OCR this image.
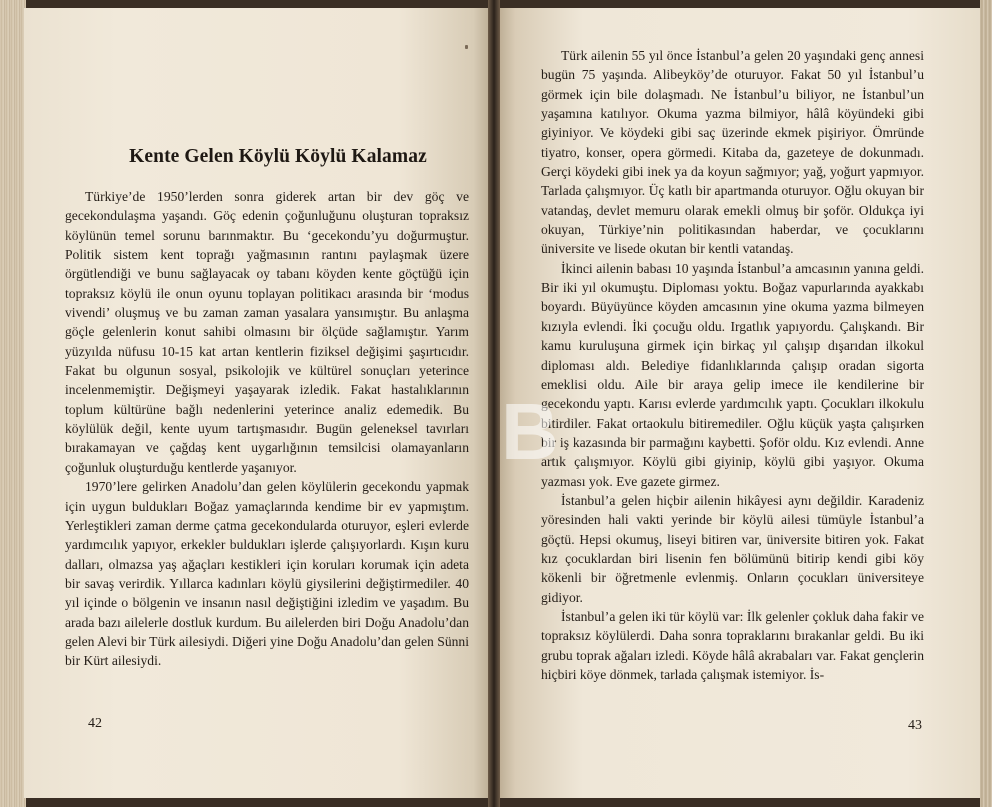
Kente Gelen Köylü Köylü Kalamaz

Türkiye’de 1950’lerden sonra giderek artan bir dev göç ve gecekondulaşma yaşandı. Göç edenin çoğunluğunu oluşturan topraksız köylünün temel sorunu barınmaktır. Bu ‘gecekondu’yu doğurmuştur. Politik sistem kent toprağı yağmasının rantını paylaşmak üzere örgütlendiği ve bunu sağlayacak oy tabanı köyden kente göçtüğü için topraksız köylü ile onun oyunu toplayan politikacı arasında bir ‘modus vivendi’ oluşmuş ve bu zaman zaman yasalara yansımıştır. Bu anlaşma göçle gelenlerin konut sahibi olmasını bir ölçüde sağlamıştır. Yarım yüzyılda nüfusu 10-15 kat artan kentlerin fiziksel değişimi şaşırtıcıdır. Fakat bu olgunun sosyal, psikolojik ve kültürel sonuçları yeterince incelenmemiştir. Değişmeyi yaşayarak izledik. Fakat hastalıklarının toplum kültürüne bağlı nedenlerini yeterince analiz edemedik. Bu köylülük değil, kente uyum tartışmasıdır. Bugün geleneksel tavırları bırakamayan ve çağdaş kent uygarlığının temsilcisi olamayanların çoğunluk oluşturduğu kentlerde yaşanıyor.

1970’lere gelirken Anadolu’dan gelen köylülerin gecekondu yapmak için uygun buldukları Boğaz yamaçlarında kendime bir ev yapmıştım. Yerleştikleri zaman derme çatma gecekondularda oturuyor, eşleri evlerde yardımcılık yapıyor, erkekler buldukları işlerde çalışıyorlardı. Kışın kuru dalları, olmazsa yaş ağaçları kestikleri için koruları korumak için adeta bir savaş verirdik. Yıllarca kadınları köylü giysilerini değiştirmediler. 40 yıl içinde o bölgenin ve insanın nasıl değiştiğini izledim ve yaşadım. Bu arada bazı ailelerle dostluk kurdum. Bu ailelerden biri Doğu Anadolu’dan gelen Alevi bir Türk ailesiydi. Diğeri yine Doğu Anadolu’dan gelen Sünni bir Kürt ailesiydi.

Türk ailenin 55 yıl önce İstanbul’a gelen 20 yaşındaki genç annesi bugün 75 yaşında. Alibeyköy’de oturuyor. Fakat 50 yıl İstanbul’u görmek için bile dolaşmadı. Ne İstanbul’u biliyor, ne İstanbul’un yaşamına katılıyor. Okuma yazma bilmiyor, hâlâ köyündeki gibi giyiniyor. Ve köydeki gibi saç üzerinde ekmek pişiriyor. Ömründe tiyatro, konser, opera görmedi. Kitaba da, gazeteye de dokunmadı. Gerçi köydeki gibi inek ya da koyun sağmıyor; yağ, yoğurt yapmıyor. Tarlada çalışmıyor. Üç katlı bir apartmanda oturuyor. Oğlu okuyan bir vatandaş, devlet memuru olarak emekli olmuş bir şoför. Oldukça iyi okuyan, Türkiye’nin politikasından haberdar, ve çocuklarını üniversite ve lisede okutan bir kentli vatandaş.

İkinci ailenin babası 10 yaşında İstanbul’a amcasının yanına geldi. Bir iki yıl okumuştu. Diploması yoktu. Boğaz vapurlarında ayakkabı boyardı. Büyüyünce köyden amcasının yine okuma yazma bilmeyen kızıyla evlendi. İki çocuğu oldu. Irgatlık yapıyordu. Çalışkandı. Bir kamu kuruluşuna girmek için birkaç yıl çalışıp dışarıdan ilkokul diploması aldı. Belediye fidanlıklarında çalışıp oradan sigorta emeklisi oldu. Aile bir araya gelip imece ile kendilerine bir gecekondu yaptı. Karısı evlerde yardımcılık yaptı. Çocukları ilkokulu bitirdiler. Fakat ortaokulu bitiremediler. Oğlu küçük yaşta çalışırken bir iş kazasında bir parmağını kaybetti. Şoför oldu. Kız evlendi. Anne artık çalışmıyor. Köylü gibi giyinip, köylü gibi yaşıyor. Okuma yazması yok. Eve gazete girmez.

İstanbul’a gelen hiçbir ailenin hikâyesi aynı değildir. Karadeniz yöresinden hali vakti yerinde bir köylü ailesi tümüyle İstanbul’a göçtü. Hepsi okumuş, liseyi bitiren var, üniversite bitiren yok. Fakat kız çocuklardan biri lisenin fen bölümünü bitirip kendi gibi köy kökenli bir öğretmenle evlenmiş. Onların çocukları üniversiteye gidiyor.

İstanbul’a gelen iki tür köylü var: İlk gelenler çokluk daha fakir ve topraksız köylülerdi. Daha sonra topraklarını bırakanlar geldi. Bu iki grubu toprak ağaları izledi. Köyde hâlâ akrabaları var. Fakat gençlerin hiçbiri köye dönmek, tarlada çalışmak istemiyor. İs-

42	43
B
